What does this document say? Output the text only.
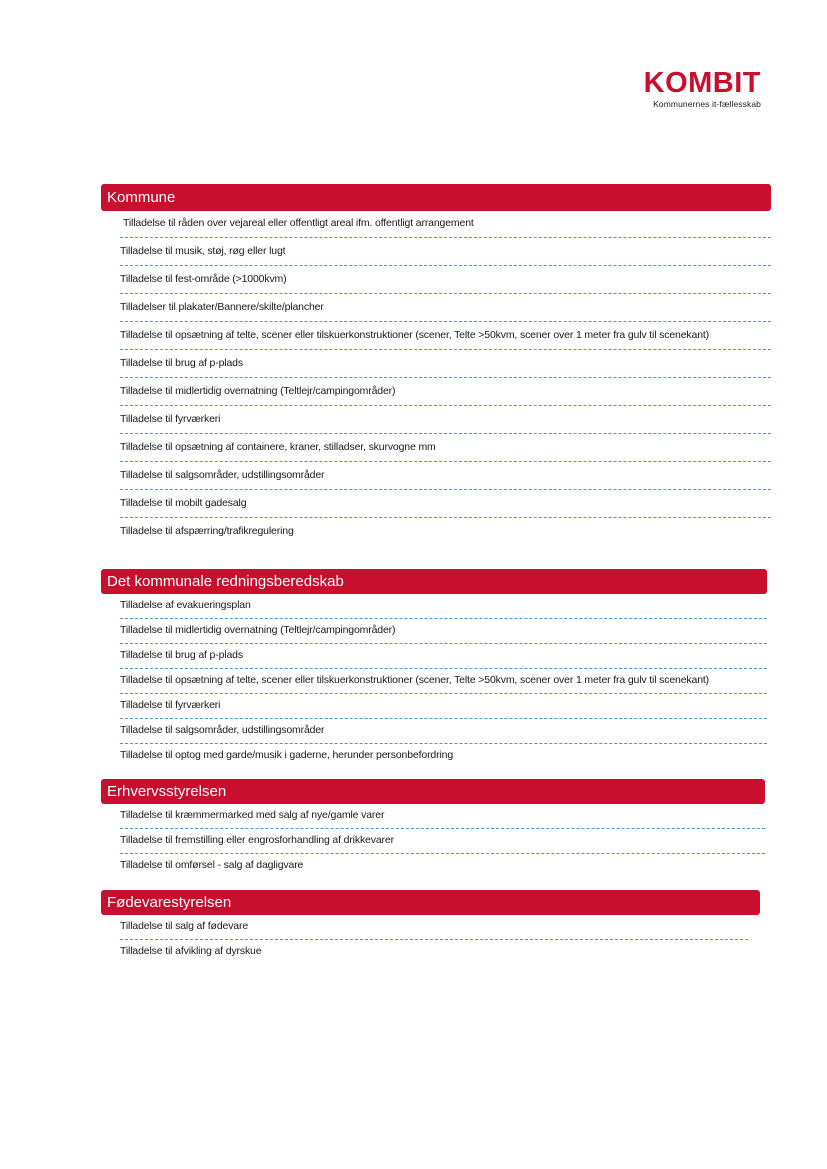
KOMBIT
Kommunernes it-fællesskab
Kommune
Tilladelse til råden over vejareal eller offentligt areal ifm. offentligt arrangement
Tilladelse til musik, støj, røg eller lugt
Tilladelse til fest-område (>1000kvm)
Tilladelser til plakater/Bannere/skilte/plancher
Tilladelse til opsætning af telte, scener eller tilskuerkonstruktioner (scener, Telte >50kvm, scener over 1 meter fra gulv til scenekant)
Tilladelse til brug af p-plads
Tilladelse til midlertidig overnatning (Teltlejr/campingområder)
Tilladelse til fyrværkeri
Tilladelse til opsætning af containere, kraner, stilladser, skurvogne mm
Tilladelse til salgsområder, udstillingsområder
Tilladelse til mobilt gadesalg
Tilladelse til afspærring/trafikregulering
Det kommunale redningsberedskab
Tilladelse af evakueringsplan
Tilladelse til midlertidig overnatning (Teltlejr/campingområder)
Tilladelse til brug af p-plads
Tilladelse til opsætning af telte, scener eller tilskuerkonstruktioner (scener, Telte >50kvm, scener over 1 meter fra gulv til scenekant)
Tilladelse til fyrværkeri
Tilladelse til salgsområder, udstillingsområder
Tilladelse til optog med garde/musik i gaderne, herunder personbefordring
Erhvervsstyrelsen
Tilladelse til kræmmermarked med salg af nye/gamle varer
Tilladelse til fremstilling eller engrosforhandling af drikkevarer
Tilladelse til omførsel - salg af dagligvare
Fødevarestyrelsen
Tilladelse til salg af fødevare
Tilladelse til afvikling af dyrskue
